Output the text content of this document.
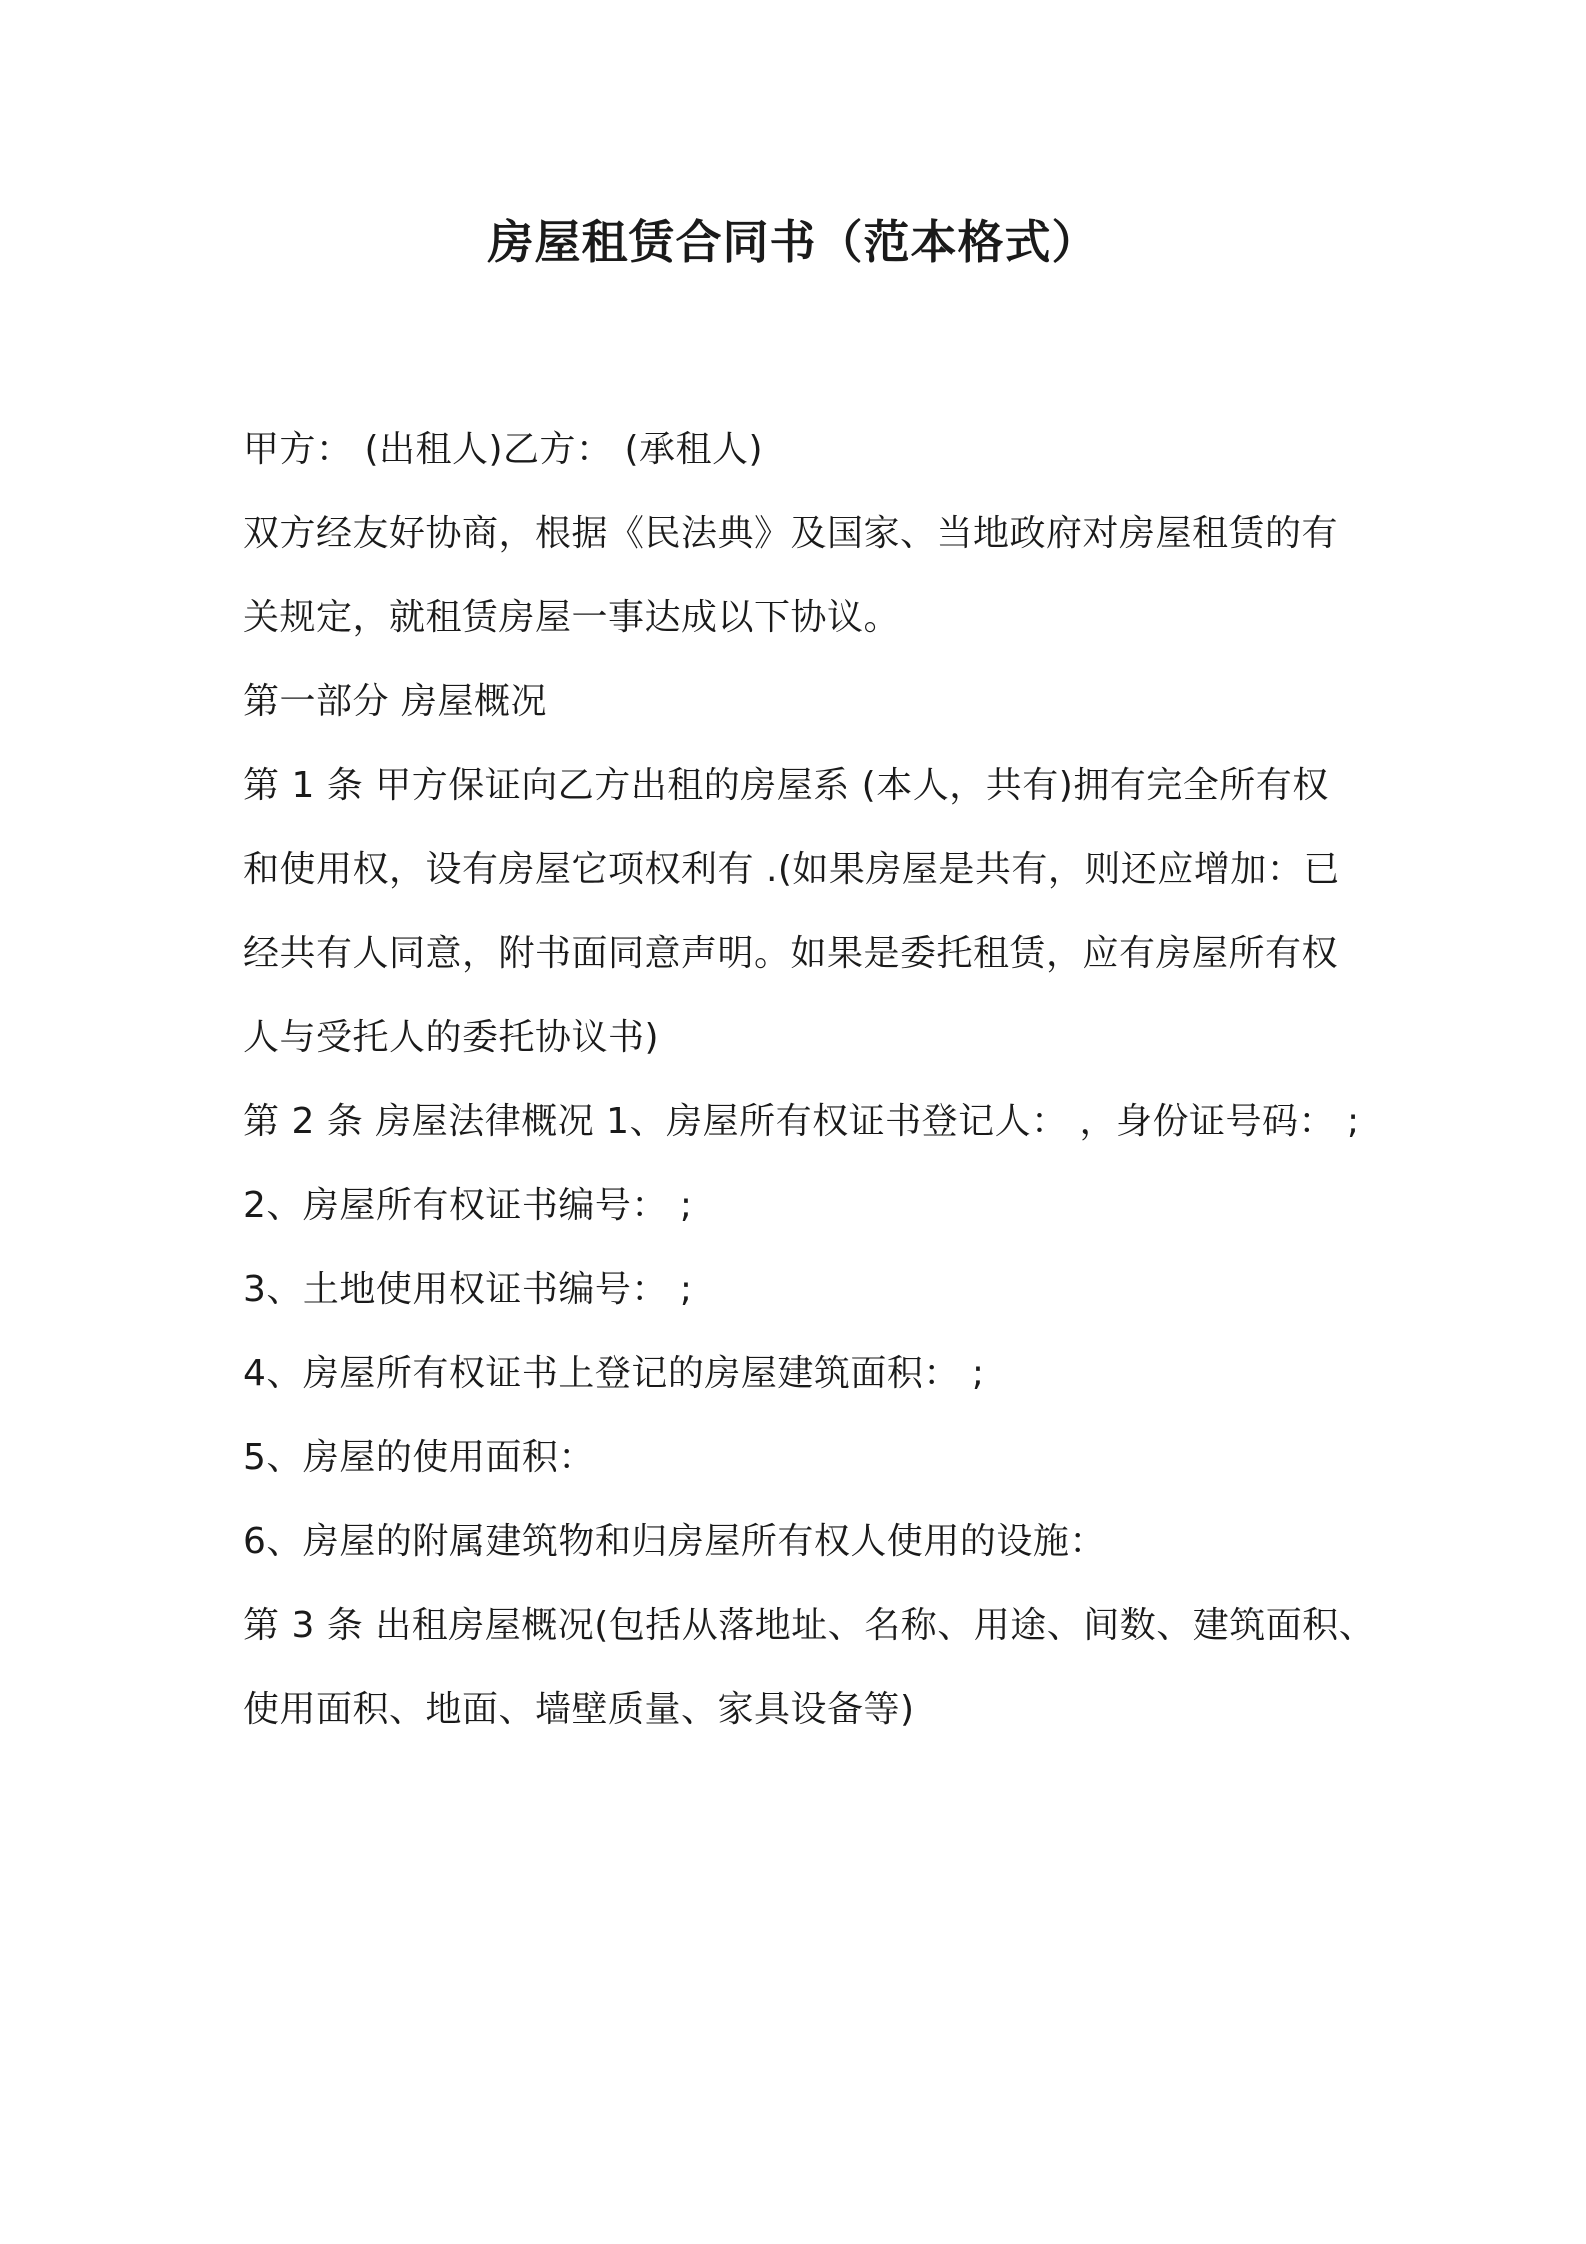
房屋租赁合同书（范本格式）
甲方： (出租人)乙方： (承租人)
双方经友好协商，根据《民法典》及国家、当地政府对房屋租赁的有
关规定，就租赁房屋一事达成以下协议。
第一部分 房屋概况
第 1 条 甲方保证向乙方出租的房屋系 (本人，共有)拥有完全所有权
和使用权，设有房屋它项权利有 .(如果房屋是共有，则还应增加：已
经共有人同意，附书面同意声明。如果是委托租赁，应有房屋所有权
人与受托人的委托协议书)
第 2 条 房屋法律概况 1、房屋所有权证书登记人： ，身份证号码： ;
2、房屋所有权证书编号： ;
3、土地使用权证书编号： ;
4、房屋所有权证书上登记的房屋建筑面积： ;
5、房屋的使用面积：
6、房屋的附属建筑物和归房屋所有权人使用的设施：
第 3 条 出租房屋概况(包括从落地址、名称、用途、间数、建筑面积、
使用面积、地面、墙壁质量、家具设备等)
